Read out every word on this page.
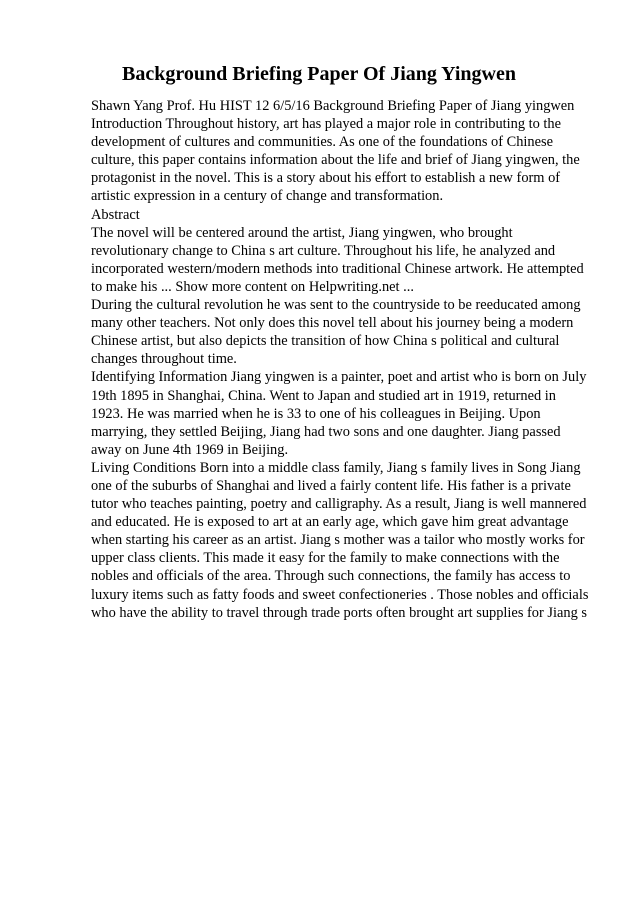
Background Briefing Paper Of Jiang Yingwen

Shawn Yang Prof. Hu HIST 12 6/5/16 Background Briefing Paper of Jiang yingwen Introduction Throughout history, art has played a major role in contributing to the development of cultures and communities. As one of the foundations of Chinese culture, this paper contains information about the life and brief of Jiang yingwen, the protagonist in the novel. This is a story about his effort to establish a new form of artistic expression in a century of change and transformation.

Abstract

The novel will be centered around the artist, Jiang yingwen, who brought revolutionary change to China s art culture. Throughout his life, he analyzed and incorporated western/modern methods into traditional Chinese artwork. He attempted to make his ... Show more content on Helpwriting.net ...

During the cultural revolution he was sent to the countryside to be reeducated among many other teachers. Not only does this novel tell about his journey being a modern Chinese artist, but also depicts the transition of how China s political and cultural changes throughout time.

Identifying Information Jiang yingwen is a painter, poet and artist who is born on July 19th 1895 in Shanghai, China. Went to Japan and studied art in 1919, returned in 1923. He was married when he is 33 to one of his colleagues in Beijing. Upon marrying, they settled Beijing, Jiang had two sons and one daughter. Jiang passed away on June 4th 1969 in Beijing.

Living Conditions Born into a middle class family, Jiang s family lives in Song Jiang one of the suburbs of Shanghai and lived a fairly content life. His father is a private tutor who teaches painting, poetry and calligraphy. As a result, Jiang is well mannered and educated. He is exposed to art at an early age, which gave him great advantage when starting his career as an artist. Jiang s mother was a tailor who mostly works for upper class clients. This made it easy for the family to make connections with the nobles and officials of the area. Through such connections, the family has access to luxury items such as fatty foods and sweet confectioneries . Those nobles and officials who have the ability to travel through trade ports often brought art supplies for Jiang s
